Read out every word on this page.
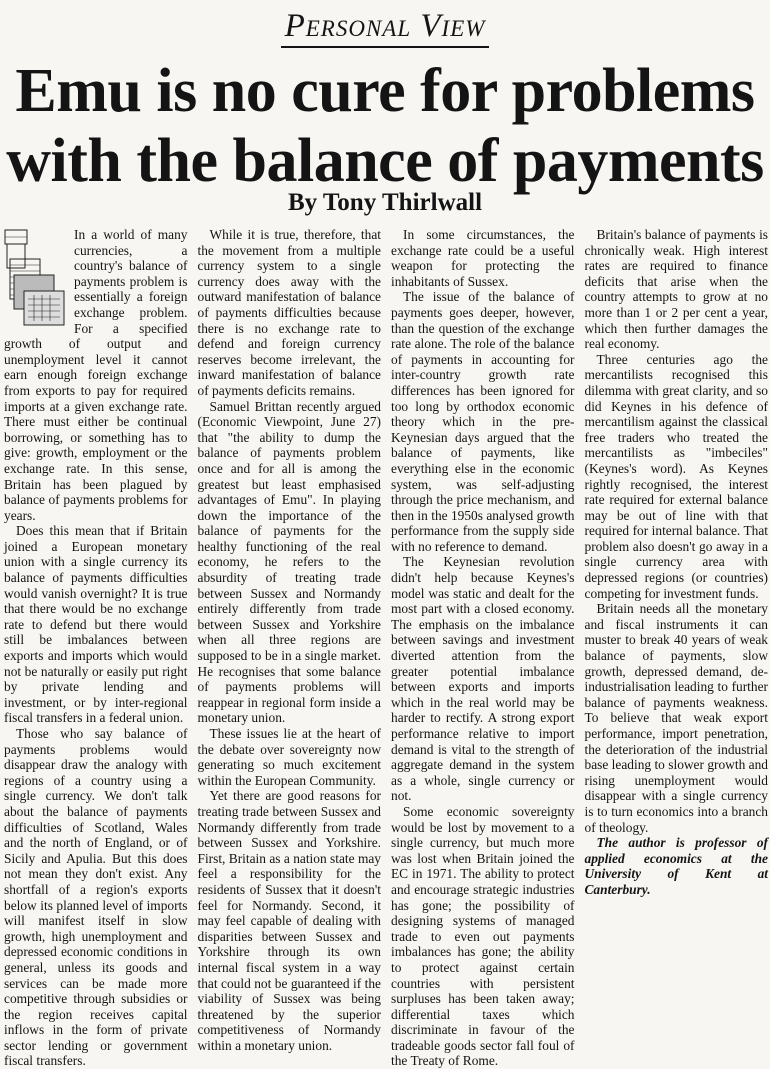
Personal View
Emu is no cure for problems with the balance of payments
By Tony Thirlwall

In a world of many currencies, a country's balance of payments problem is essentially a foreign exchange problem. For a specified growth of output and unemployment level it cannot earn enough foreign exchange from exports to pay for required imports at a given exchange rate. There must either be continual borrowing, or something has to give: growth, employment or the exchange rate. In this sense, Britain has been plagued by balance of payments problems for years.

Does this mean that if Britain joined a European monetary union with a single currency its balance of payments difficulties would vanish overnight? It is true that there would be no exchange rate to defend but there would still be imbalances between exports and imports which would not be naturally or easily put right by private lending and investment, or by inter-regional fiscal transfers in a federal union.

Those who say balance of payments problems would disappear draw the analogy with regions of a country using a single currency. We don't talk about the balance of payments difficulties of Scotland, Wales and the north of England, or of Sicily and Apulia. But this does not mean they don't exist. Any shortfall of a region's exports below its planned level of imports will manifest itself in slow growth, high unemployment and depressed economic conditions in general, unless its goods and services can be made more competitive through subsidies or the region receives capital inflows in the form of private sector lending or government fiscal transfers.

While it is true, therefore, that the movement from a multiple currency system to a single currency does away with the outward manifestation of balance of payments difficulties because there is no exchange rate to defend and foreign currency reserves become irrelevant, the inward manifestation of balance of payments deficits remains.

Samuel Brittan recently argued (Economic Viewpoint, June 27) that "the ability to dump the balance of payments problem once and for all is among the greatest but least emphasised advantages of Emu". In playing down the importance of the balance of payments for the healthy functioning of the real economy, he refers to the absurdity of treating trade between Sussex and Normandy entirely differently from trade between Sussex and Yorkshire when all three regions are supposed to be in a single market. He recognises that some balance of payments problems will reappear in regional form inside a monetary union.

These issues lie at the heart of the debate over sovereignty now generating so much excitement within the European Community.

Yet there are good reasons for treating trade between Sussex and Normandy differently from trade between Sussex and Yorkshire. First, Britain as a nation state may feel a responsibility for the residents of Sussex that it doesn't feel for Normandy. Second, it may feel capable of dealing with disparities between Sussex and Yorkshire through its own internal fiscal system in a way that could not be guaranteed if the viability of Sussex was being threatened by the superior competitiveness of Normandy within a monetary union.

In some circumstances, the exchange rate could be a useful weapon for protecting the inhabitants of Sussex.

The issue of the balance of payments goes deeper, however, than the question of the exchange rate alone. The role of the balance of payments in accounting for inter-country growth rate differences has been ignored for too long by orthodox economic theory which in the pre-Keynesian days argued that the balance of payments, like everything else in the economic system, was self-adjusting through the price mechanism, and then in the 1950s analysed growth performance from the supply side with no reference to demand.

The Keynesian revolution didn't help because Keynes's model was static and dealt for the most part with a closed economy. The emphasis on the imbalance between savings and investment diverted attention from the greater potential imbalance between exports and imports which in the real world may be harder to rectify. A strong export performance relative to import demand is vital to the strength of aggregate demand in the system as a whole, single currency or not.

Some economic sovereignty would be lost by movement to a single currency, but much more was lost when Britain joined the EC in 1971. The ability to protect and encourage strategic industries has gone; the possibility of designing systems of managed trade to even out payments imbalances has gone; the ability to protect against certain countries with persistent surpluses has been taken away; differential taxes which discriminate in favour of the tradeable goods sector fall foul of the Treaty of Rome.

Britain's balance of payments is chronically weak. High interest rates are required to finance deficits that arise when the country attempts to grow at no more than 1 or 2 per cent a year, which then further damages the real economy.

Three centuries ago the mercantilists recognised this dilemma with great clarity, and so did Keynes in his defence of mercantilism against the classical free traders who treated the mercantilists as "imbeciles" (Keynes's word). As Keynes rightly recognised, the interest rate required for external balance may be out of line with that required for internal balance. That problem also doesn't go away in a single currency area with depressed regions (or countries) competing for investment funds.

Britain needs all the monetary and fiscal instruments it can muster to break 40 years of weak balance of payments, slow growth, depressed demand, de-industrialisation leading to further balance of payments weakness. To believe that weak export performance, import penetration, the deterioration of the industrial base leading to slower growth and rising unemployment would disappear with a single currency is to turn economics into a branch of theology.

The author is professor of applied economics at the University of Kent at Canterbury.
